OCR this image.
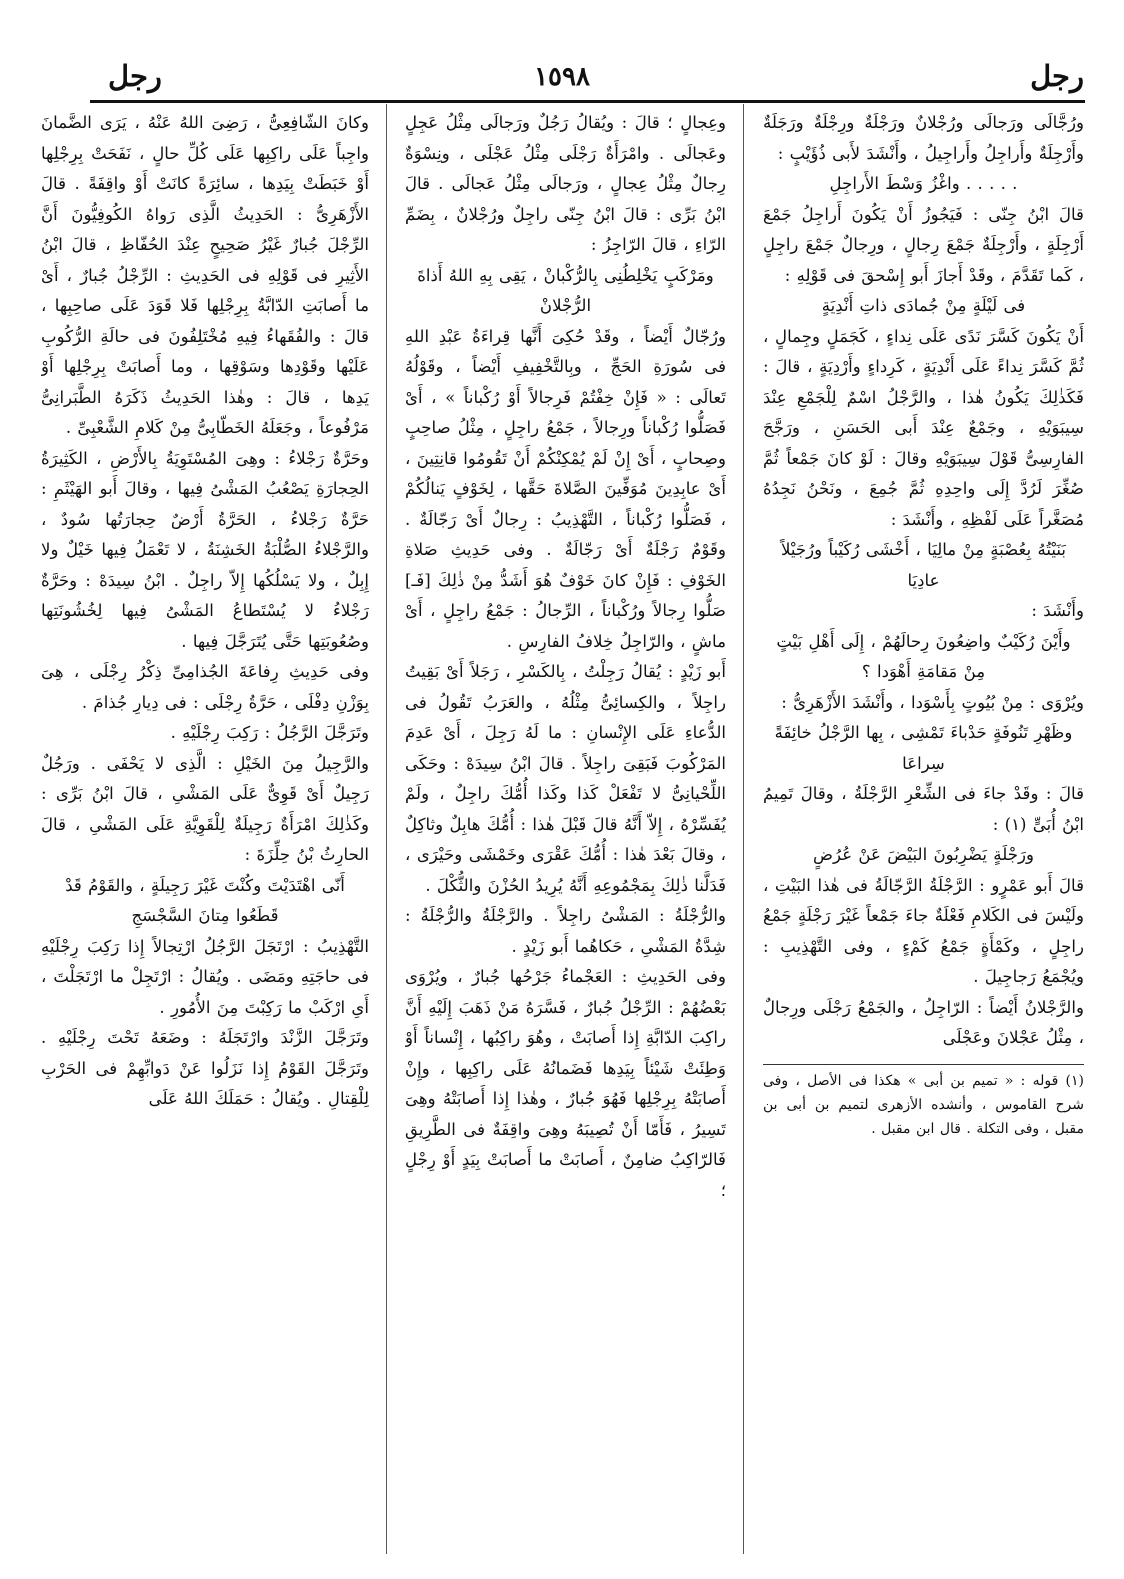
رجل
١٥٩٨
رجل

ورُجَّالَى ورَجالَى ورُجْلانٌ ورَجْلَةٌ ورِجْلَةٌ ورَجَلَةٌ وأَرْجِلَةٌ وأَراجِلُ وأَراجِيلُ ، وأَنْشَدَ لأَبى ذُؤَيْبٍ :

. . . . . واغْزُ وَسْطَ الأَراجِلِ

قالَ ابْنُ جِنّى : فَيَجُوزُ أَنْ يَكُونَ أَراجِلُ جَمْعَ أَرْجِلَةٍ ، وأَرْجِلَةٌ جَمْعَ رِجالٍ ، ورِجالٌ جَمْعَ راجِلٍ ، كَما تَقَدَّمَ ، وقَدْ أَجازَ أَبو إِسْحقَ فى قَوْلِهِ :

فى لَيْلَةٍ مِنْ جُمادَى ذاتِ أَنْدِيَةٍ

أَنْ يَكُونَ كَسَّرَ نَدًى عَلَى نِداءٍ ، كَجَمَلٍ وجِمالٍ ، ثُمَّ كَسَّرَ نِداءً عَلَى أَنْدِيَةٍ ، كَرِداءٍ وأَرْدِيَةٍ ، قالَ : فَكَذٰلِكَ يَكُونُ هٰذا ، والرَّجْلُ اسْمٌ لِلْجَمْعِ عِنْدَ سِيبَوَيْهِ ، وجَمْعٌ عِنْدَ أَبى الحَسَنِ ، ورَجَّحَ الفارِسِىُّ قَوْلَ سِيبَوَيْهِ وقالَ : لَوْ كانَ جَمْعاً ثُمَّ صُغِّرَ لَرُدَّ إِلَى واحِدِهِ ثُمَّ جُمِعَ ، ونَحْنُ نَجِدُهُ مُصَغَّراً عَلَى لَفْظِهِ ، وأَنْشَدَ :

بَنَيْتُهُ بِعُصْبَةٍ مِنْ مالِيَا ، أَخْشَى رُكَيْباً ورُجَيْلاً عادِيَا

وأَنْشَدَ :

وأَيْنَ رُكَيْبٌ واضِعُونَ رِحالَهُمْ ، إِلَى أَهْلِ بَيْتٍ مِنْ مَقامَةِ أَهْوَدا ؟

ويُرْوَى : مِنْ بُيُوتٍ بِأَسْوَدا ، وأَنْشَدَ الأَزْهَرِىُّ :

وظَهْرِ تَنُوفَةٍ حَدْباءَ تَمْشِى ، بِها الرَّجْلُ خائِفَةً سِراعَا

قالَ : وقَدْ جاءَ فى الشِّعْرِ الرَّجْلَةُ ، وقالَ تَمِيمُ ابْنُ أُبَىٍّ (١) :

ورَجْلَةٍ يَضْرِبُونَ البَيْضَ عَنْ عُرُضٍ

قالَ أَبو عَمْرٍو : الرَّجْلَةُ الرَّجّالَةُ فى هٰذا البَيْتِ ، ولَيْسَ فى الكَلامِ فَعْلَةٌ جاءَ جَمْعاً غَيْرَ رَجْلَةٍ جَمْعُ راجِلٍ ، وكَمْأَةٍ جَمْعُ كَمْءٍ ، وفى التَّهْذِيبِ : ويُجْمَعُ رَجاجِيلَ .

والرَّجْلانُ أَيْضاً : الرّاجِلُ ، والجَمْعُ رَجْلَى ورِجالٌ ، مِثْلُ عَجْلانَ وعَجْلَى

(١) قوله : « تميم بن أبى » هكذا فى الأصل ، وفى شرح القاموس ، وأنشده الأزهرى لتميم بن أبى بن مقبل ، وفى التكلة . قال ابن مقبل .

وعِجالٍ ؛ قالَ : ويُقالُ رَجُلٌ ورَجالَى مِثْلُ عَجِلٍ وعَجالَى . وامْرَأَةٌ رَجْلَى مِثْلُ عَجْلَى ، ونِسْوَةٌ رِجالٌ مِثْلُ عِجالٍ ، ورَجالَى مِثْلُ عَجالَى . قالَ ابْنُ بَرِّى : قالَ ابْنُ جِنّى راجِلٌ ورُجْلانٌ ، بِضَمِّ الرّاءِ ، قالَ الرّاجِزُ :

ومَرْكَبٍ يَخْلِطُنِى بِالرُّكْبانْ ، يَقِى بِهِ اللهُ أَذاةَ الرُّجْلانْ

ورُجّالٌ أَيْضاً ، وقَدْ حُكِىَ أَنَّها قِراءَةُ عَبْدِ اللهِ فى سُورَةِ الحَجِّ ، وبِالتَّخْفِيفِ أَيْضاً ، وقَوْلُهُ تَعالَى : « فَإِنْ خِفْتُمْ فَرِجالاً أَوْ رُكْباناً » ، أَىْ فَصَلُّوا رُكْباناً ورِجالاً ، جَمْعُ راجِلٍ ، مِثْلُ صاحِبٍ وصِحابٍ ، أَىْ إِنْ لَمْ يُمْكِنْكُمْ أَنْ تَقُومُوا قانِتِينَ ، أَىْ عابِدِينَ مُوَفِّينَ الصَّلاةَ حَقَّها ، لِخَوْفٍ يَنالُكُمْ ، فَصَلُّوا رُكْباناً ، التَّهْذِيبُ : رِجالٌ أَىْ رَجّالَةٌ . وقَوْمٌ رَجْلَةٌ أَىْ رَجّالَةٌ . وفى حَدِيثِ صَلاةِ الخَوْفِ : فَإِنْ كانَ خَوْفٌ هُوَ أَشَدُّ مِنْ ذٰلِكَ [فَـ] صَلُّوا رِجالاً ورُكْباناً ، الرِّجالُ : جَمْعُ راجِلٍ ، أَىْ ماشٍ ، والرّاجِلُ خِلافُ الفارِسِ .

أَبو زَيْدٍ : يُقالُ رَجِلْتُ ، بِالكَسْرِ ، رَجَلاً أَىْ بَقِيتُ راجِلاً ، والكِسائِىُّ مِثْلُهُ ، والعَرَبُ تَقُولُ فى الدُّعاءِ عَلَى الإِنْسانِ : ما لَهُ رَجِلَ ، أَىْ عَدِمَ المَرْكُوبَ فَبَقِىَ راجِلاً . قالَ ابْنُ سِيدَهْ : وحَكَى اللِّحْيانِىُّ لا تَفْعَلْ كَذا وكَذا أُمُّكَ راجِلٌ ، ولَمْ يُفَسِّرْهُ ، إِلاّ أَنَّهُ قالَ قَبْلَ هٰذا : أُمُّكَ هابِلٌ وثاكِلٌ ، وقالَ بَعْدَ هٰذا : أُمُّكَ عَقْرَى وخَمْشَى وحَيْرَى ، فَدَلَّنا ذٰلِكَ بِمَجْمُوعِهِ أَنَّهُ يُرِيدُ الحُزْنَ والثُّكْلَ .

والرُّجْلَةُ : المَشْىُ راجِلاً . والرَّجْلَةُ والرُّجْلَةُ : شِدَّةُ المَشْىِ ، حَكاهُما أَبو زَيْدٍ .

وفى الحَدِيثِ : العَجْماءُ جَرْحُها جُبارٌ ، ويُرْوَى بَعْضُهُمْ : الرِّجْلُ جُبارٌ ، فَسَّرَهُ مَنْ ذَهَبَ إِلَيْهِ أَنَّ راكِبَ الدّابَّةِ إِذا أَصابَتْ ، وهُوَ راكِبُها ، إِنْساناً أَوْ وَطِئَتْ شَيْئاً بِيَدِها فَضَمانُهُ عَلَى راكِبِها ، وإِنْ أَصابَتْهُ بِرِجْلِها فَهُوَ جُبارٌ ، وهٰذا إِذا أَصابَتْهُ وهِىَ تَسِيرُ ، فَأَمّا أَنْ تُصِيبَهُ وهِىَ واقِفَةٌ فى الطَّرِيقِ فَالرّاكِبُ ضامِنٌ ، أَصابَتْ ما أَصابَتْ بِيَدٍ أَوْ رِجْلٍ ؛

وكانَ الشّافِعِىُّ ، رَضِىَ اللهُ عَنْهُ ، يَرَى الضَّمانَ واجِباً عَلَى راكِبِها عَلَى كُلِّ حالٍ ، نَفَحَتْ بِرِجْلِها أَوْ خَبَطَتْ بِيَدِها ، سائِرَةً كانَتْ أَوْ واقِفَةً . قالَ الأَزْهَرِىُّ : الحَدِيثُ الَّذِى رَواهُ الكُوفِيُّونَ أَنَّ الرِّجْلَ جُبارٌ غَيْرُ صَحِيحٍ عِنْدَ الحُفّاظِ ، قالَ ابْنُ الأَثِيرِ فى قَوْلِهِ فى الحَدِيثِ : الرِّجْلُ جُبارٌ ، أَىْ ما أَصابَتِ الدّابَّةُ بِرِجْلِها فَلا قَوَدَ عَلَى صاحِبِها ، قالَ : والفُقَهاءُ فِيهِ مُخْتَلِفُونَ فى حالَةِ الرُّكُوبِ عَلَيْها وقَوْدِها وسَوْقِها ، وما أَصابَتْ بِرِجْلِها أَوْ يَدِها ، قالَ : وهٰذا الحَدِيثُ ذَكَرَهُ الطَّبَرانِىُّ مَرْفُوعاً ، وجَعَلَهُ الخَطّابِىُّ مِنْ كَلامِ الشَّعْبِىِّ .

وحَرَّةٌ رَجْلاءُ : وهِىَ المُسْتَوِيَةُ بِالأَرْضِ ، الكَثِيرَةُ الحِجارَةِ يَصْعُبُ المَشْىُ فِيها ، وقالَ أَبو الهَيْثَمِ : حَرَّةٌ رَجْلاءُ ، الحَرَّةُ أَرْضٌ حِجارَتُها سُودٌ ، والرَّجْلاءُ الصُّلْبَةُ الخَشِنَةُ ، لا تَعْمَلُ فِيها خَيْلٌ ولا إِبِلٌ ، ولا يَسْلُكُها إِلاّ راجِلٌ . ابْنُ سِيدَهْ : وحَرَّةٌ رَجْلاءُ لا يُسْتَطاعُ المَشْىُ فِيها لِخُشُونَتِها وصُعُوبَتِها حَتَّى يُتَرَجَّلَ فِيها .

وفى حَدِيثِ رِفاعَةَ الجُذامِىِّ ذِكْرُ رِجْلَى ، هِىَ بِوَزْنِ دِفْلَى ، حَرَّةُ رِجْلَى : فى دِيارِ جُذامَ .

وتَرَجَّلَ الرَّجُلُ : رَكِبَ رِجْلَيْهِ .

والرَّجِيلُ مِنَ الخَيْلِ : الَّذِى لا يَحْفَى . ورَجُلٌ رَجِيلٌ أَىْ قَوِىٌّ عَلَى المَشْىِ ، قالَ ابْنُ بَرِّى : وكَذٰلِكَ امْرَأَةٌ رَجِيلَةٌ لِلْقَوِيَّةِ عَلَى المَشْىِ ، قالَ الحارِثُ بْنُ حِلِّزَةَ :

أَنّى اهْتَدَيْتَ وكُنْتَ غَيْرَ رَجِيلَةٍ ، والقَوْمُ قَدْ قَطَعُوا مِتانَ السَّجْسَجِ

التَّهْذِيبُ : ارْتَجَلَ الرَّجُلُ ارْتِجالاً إِذا رَكِبَ رِجْلَيْهِ فى حاجَتِهِ ومَضَى . ويُقالُ : ارْتَجِلْ ما ارْتَجَلْتَ ، أَىِ ارْكَبْ ما رَكِبْتَ مِنَ الأُمُورِ .

وتَرَجَّلَ الزَّنْدَ وارْتَجَلَهُ : وضَعَهُ تَحْتَ رِجْلَيْهِ . وتَرَجَّلَ القَوْمُ إِذا نَزَلُوا عَنْ دَوابِّهِمْ فى الحَرْبِ لِلْقِتالِ . ويُقالُ : حَمَلَكَ اللهُ عَلَى
